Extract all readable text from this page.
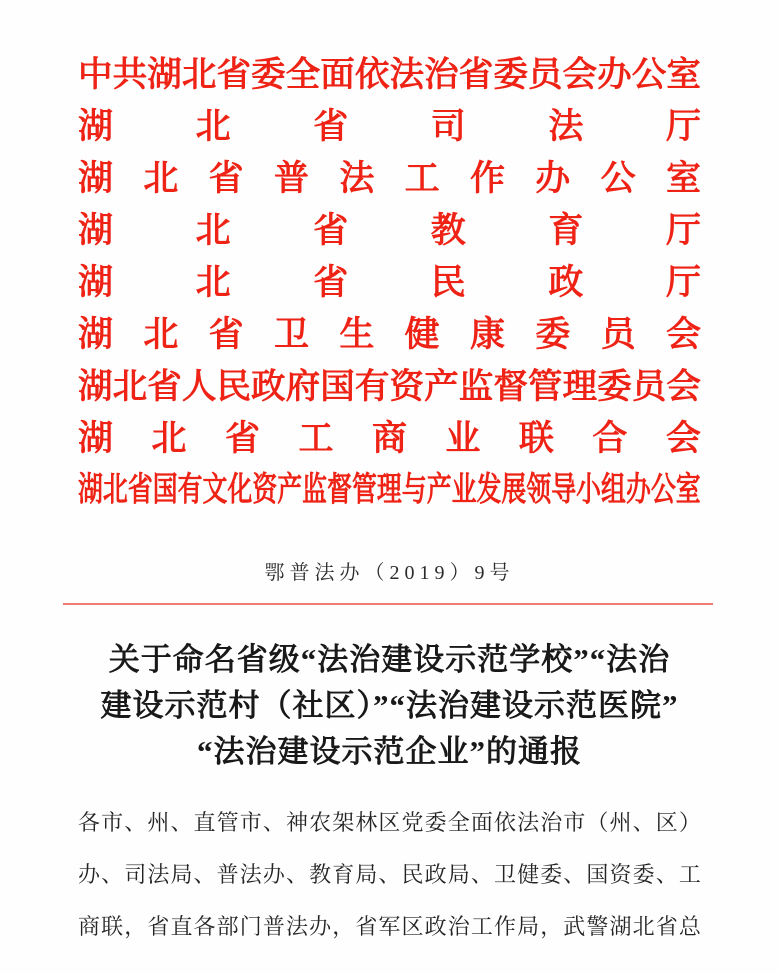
中 共 湖 北 省 委 全 面 依 法 治 省 委 员 会 办 公 室
湖 北 省 司 法 厅
湖 北 省 普 法 工 作 办 公 室
湖 北 省 教 育 厅
湖 北 省 民 政 厅
湖 北 省 卫 生 健 康 委 员 会
湖 北 省 人 民 政 府 国 有 资 产 监 督 管 理 委 员 会
湖 北 省 工 商 业 联 合 会
湖 北 省 国 有 文 化 资 产 监 督 管 理 与 产 业 发 展 领 导 小 组 办 公 室
鄂普法办（2019）9号
关于命名省级“法治建设示范学校”“法治
建设示范村（社区）”“法治建设示范医院”
“法治建设示范企业”的通报
各 市 、 州 、 直 管 市 、 神 农 架 林 区 党 委 全 面 依 法 治 市 （ 州 、 区 ）
办 、 司 法 局 、 普 法 办 、 教 育 局 、 民 政 局 、 卫 健 委 、 国 资 委 、 工
商 联 ， 省 直 各 部 门 普 法 办 ， 省 军 区 政 治 工 作 局 ， 武 警 湖 北 省 总
